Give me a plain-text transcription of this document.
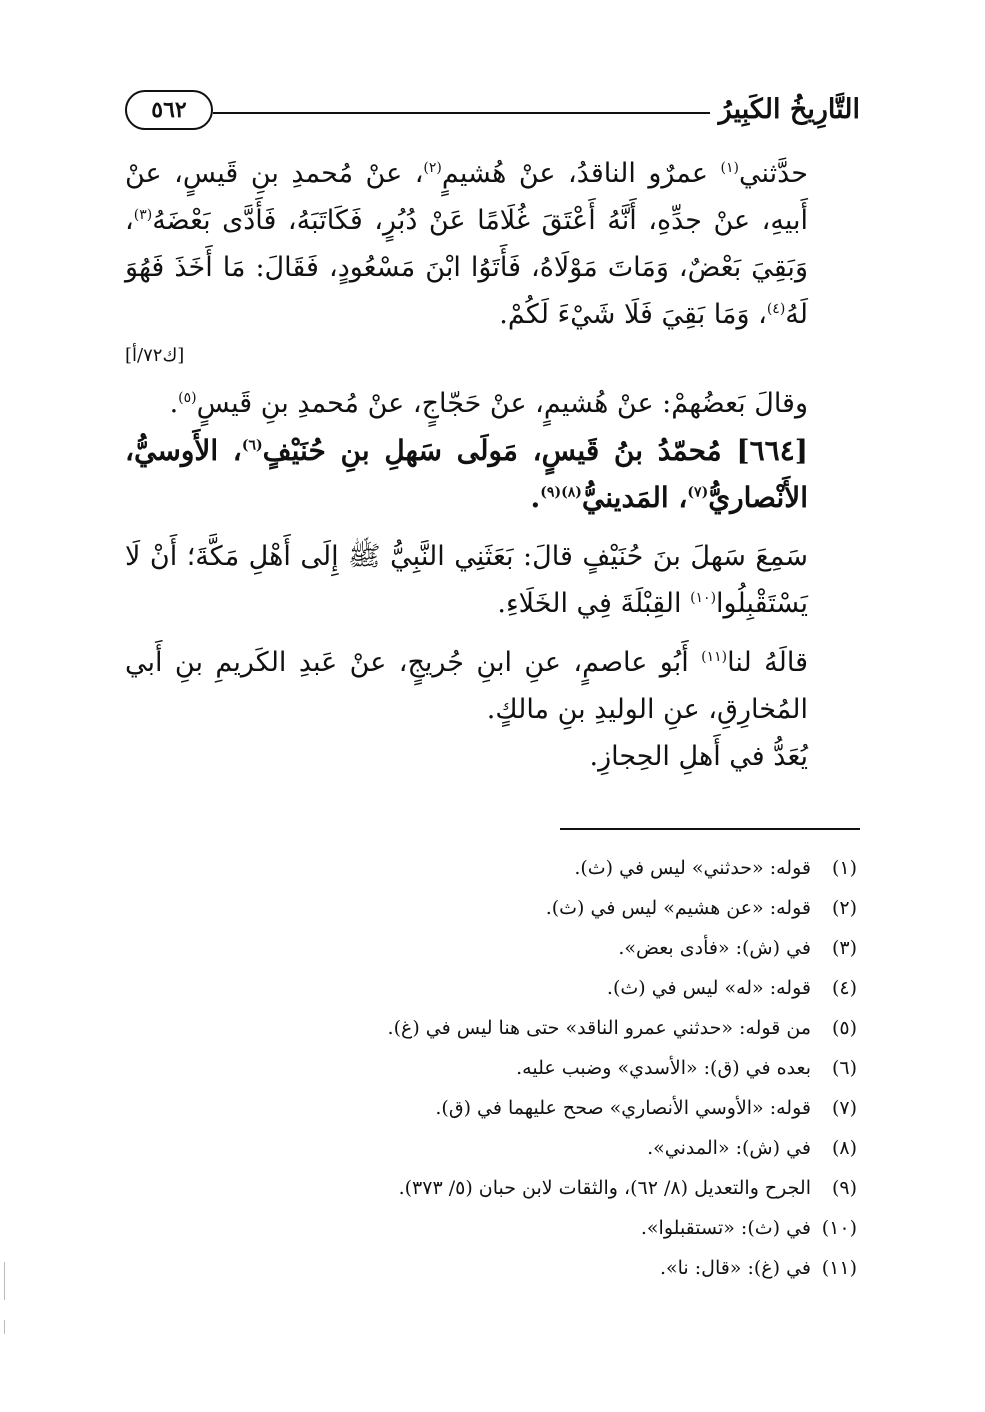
٥٦٢	التَّارِيخُ الكَبِيرُ

حدَّثني$^{(١)}$ عمرٌو الناقدُ، عنْ هُشيمٍ$^{(٢)}$، عنْ مُحمدِ بنِ قَيسٍ، عنْ أَبيهِ، عنْ جدِّهِ، أَنَّهُ أَعْتَقَ غُلَامًا عَنْ دُبُرٍ، فَكَاتَبَهُ، فَأَدَّى بَعْضَهُ$^{(٣)}$، وَبَقِيَ بَعْضٌ، وَمَاتَ مَوْلَاهُ، فَأَتَوُا ابْنَ مَسْعُودٍ، فَقَالَ: مَا أَخَذَ فَهُوَ لَهُ$^{(٤)}$، وَمَا بَقِيَ فَلَا شَيْءَ لَكُمْ.

[ك٧٢/أ]

وقالَ بَعضُهمْ: عنْ هُشيمٍ، عنْ حَجّاجٍ، عنْ مُحمدِ بنِ قَيسٍ$^{(٥)}$.

[٦٦٤] مُحمّدُ بنُ قَيسٍ، مَولَى سَهلِ بنِ حُنَيْفٍ$^{(٦)}$، الأَوسيُّ، الأَنْصاريُّ$^{(٧)}$، المَدينيُّ$^{(٨)(٩)}$.

سَمِعَ سَهلَ بنَ حُنَيْفٍ قالَ: بَعَثَنِي النَّبِيُّ ﷺ إِلَى أَهْلِ مَكَّةَ؛ أَنْ لَا يَسْتَقْبِلُوا$^{(١٠)}$ القِبْلَةَ فِي الخَلَاءِ.

قالَهُ لنا$^{(١١)}$ أَبُو عاصمٍ، عنِ ابنِ جُريجٍ، عنْ عَبدِ الكَريمِ بنِ أَبي المُخارِقِ، عنِ الوليدِ بنِ مالكٍ.

يُعَدُّ في أَهلِ الحِجازِ.

(١)قوله: «حدثني» ليس في (ث).
(٢)قوله: «عن هشيم» ليس في (ث).
(٣)في (ش): «فأدى بعض».
(٤)قوله: «له» ليس في (ث).
(٥)من قوله: «حدثني عمرو الناقد» حتى هنا ليس في (غ).
(٦)بعده في (ق): «الأسدي» وضبب عليه.
(٧)قوله: «الأوسي الأنصاري» صحح عليهما في (ق).
(٨)في (ش): «المدني».
(٩)الجرح والتعديل (٨/ ٦٢)، والثقات لابن حبان (٥/ ٣٧٣).
(١٠)في (ث): «تستقبلوا».
(١١)في (غ): «قال: نا».
